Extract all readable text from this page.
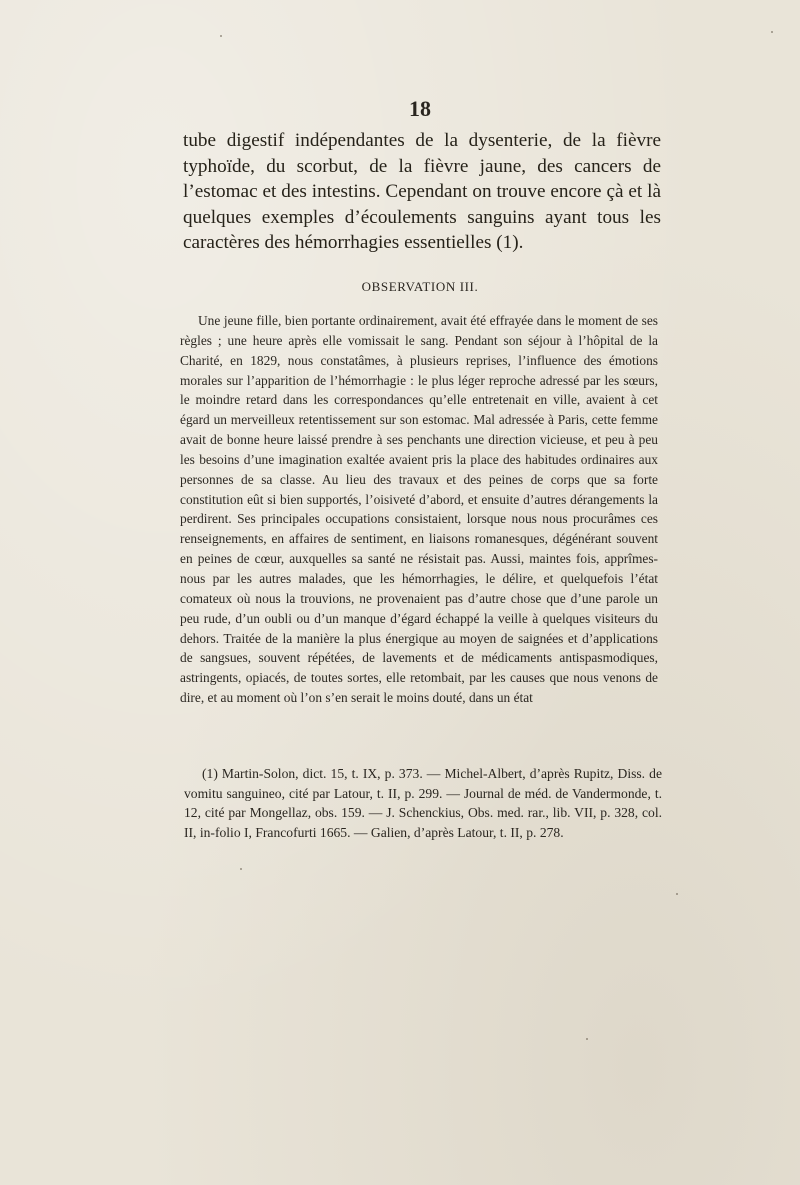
18

tube digestif indépendantes de la dysenterie, de la fièvre typhoïde, du scorbut, de la fièvre jaune, des cancers de l’estomac et des intestins. Cependant on trouve encore çà et là quelques exemples d’écoulements sanguins ayant tous les caractères des hémorrhagies essentielles (1).

OBSERVATION III.

Une jeune fille, bien portante ordinairement, avait été effrayée dans le moment de ses règles ; une heure après elle vomissait le sang. Pendant son séjour à l’hôpital de la Charité, en 1829, nous constatâmes, à plusieurs reprises, l’influence des émotions morales sur l’apparition de l’hémorrhagie : le plus léger reproche adressé par les sœurs, le moindre retard dans les correspondances qu’elle entretenait en ville, avaient à cet égard un merveilleux retentissement sur son estomac. Mal adressée à Paris, cette femme avait de bonne heure laissé prendre à ses penchants une direction vicieuse, et peu à peu les besoins d’une imagination exaltée avaient pris la place des habitudes ordinaires aux personnes de sa classe. Au lieu des travaux et des peines de corps que sa forte constitution eût si bien supportés, l’oisiveté d’abord, et ensuite d’autres dérangements la perdirent. Ses principales occupations consistaient, lorsque nous nous procurâmes ces renseignements, en affaires de sentiment, en liaisons romanesques, dégénérant souvent en peines de cœur, auxquelles sa santé ne résistait pas. Aussi, maintes fois, apprîmes-nous par les autres malades, que les hémorrhagies, le délire, et quelquefois l’état comateux où nous la trouvions, ne provenaient pas d’autre chose que d’une parole un peu rude, d’un oubli ou d’un manque d’égard échappé la veille à quelques visiteurs du dehors. Traitée de la manière la plus énergique au moyen de saignées et d’applications de sangsues, souvent répétées, de lavements et de médicaments antispasmodiques, astringents, opiacés, de toutes sortes, elle retombait, par les causes que nous venons de dire, et au moment où l’on s’en serait le moins douté, dans un état

(1) Martin-Solon, dict. 15, t. IX, p. 373. — Michel-Albert, d’après Rupitz, Diss. de vomitu sanguineo, cité par Latour, t. II, p. 299. — Journal de méd. de Vandermonde, t. 12, cité par Mongellaz, obs. 159. — J. Schenckius, Obs. med. rar., lib. VII, p. 328, col. II, in-folio I, Francofurti 1665. — Galien, d’après Latour, t. II, p. 278.
